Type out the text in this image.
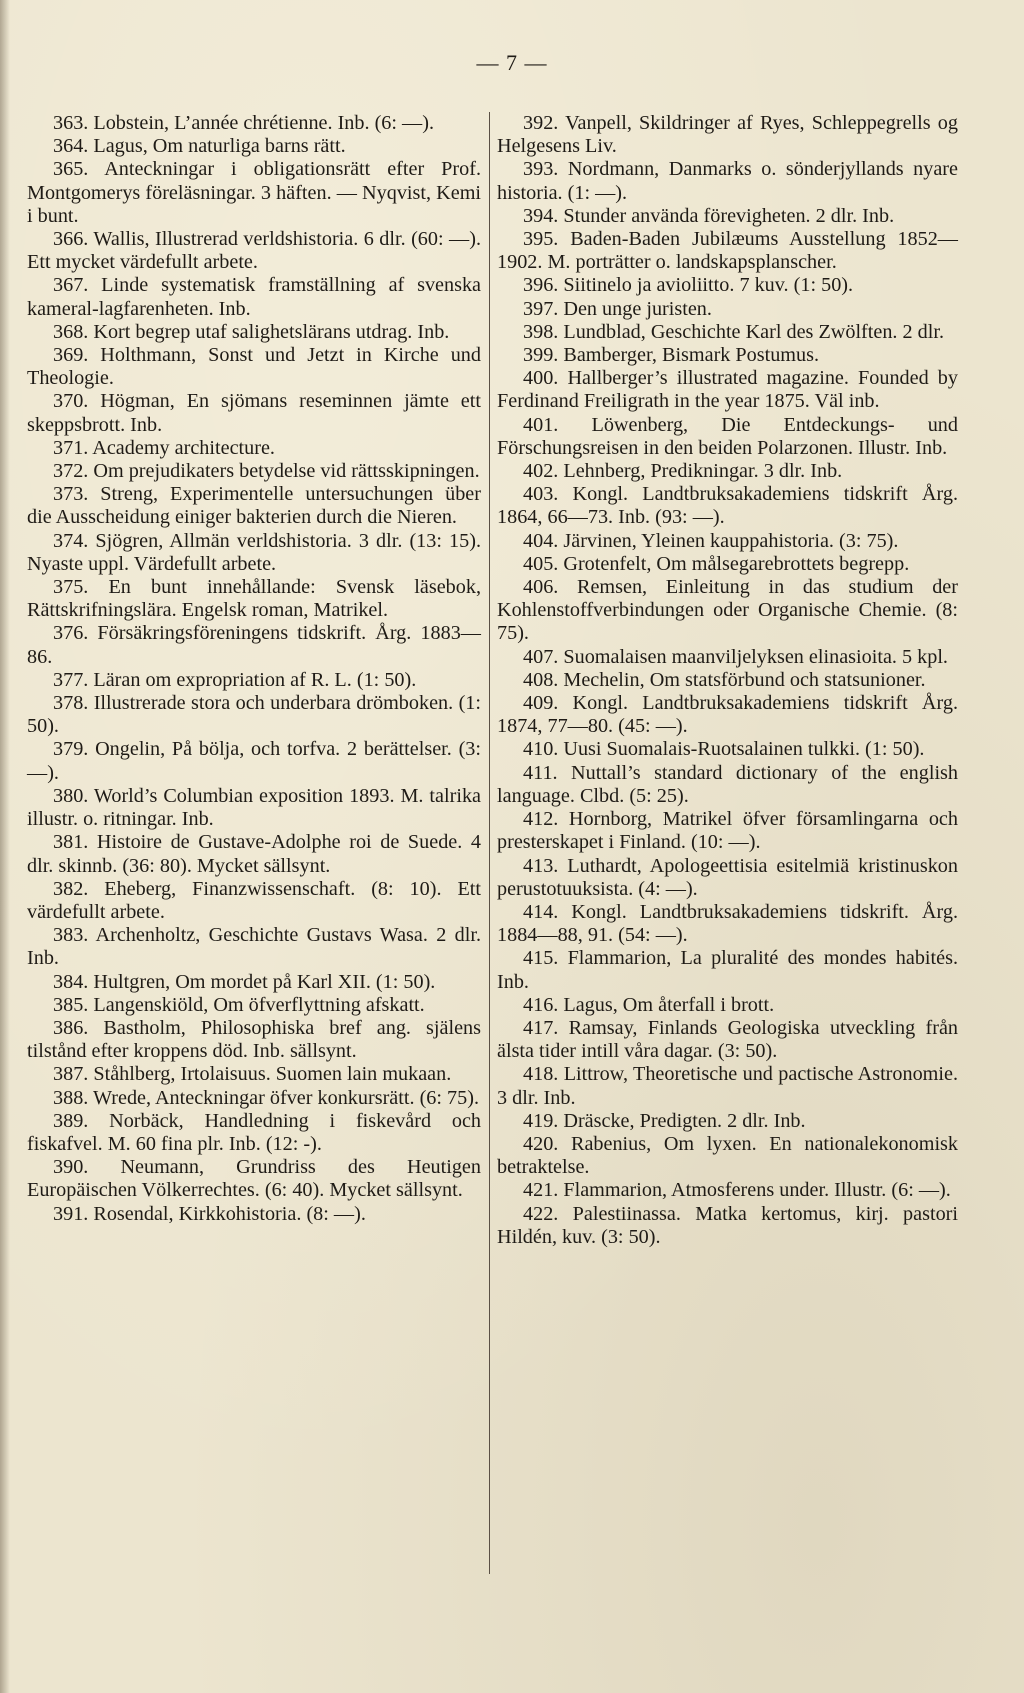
— 7 —

363. Lobstein, L’année chrétienne. Inb. (6: —).

364. Lagus, Om naturliga barns rätt.

365. Anteckningar i obligationsrätt efter Prof. Montgomerys föreläsningar. 3 häften. — Nyqvist, Kemi i bunt.

366. Wallis, Illustrerad verldshistoria. 6 dlr. (60: —). Ett mycket värdefullt arbete.

367. Linde systematisk framställning af svenska kameral-lagfarenheten. Inb.

368. Kort begrep utaf salighetslärans utdrag. Inb.

369. Holthmann, Sonst und Jetzt in Kirche und Theologie.

370. Högman, En sjömans reseminnen jämte ett skeppsbrott. Inb.

371. Academy architecture.

372. Om prejudikaters betydelse vid rättsskipningen.

373. Streng, Experimentelle untersuchungen über die Ausscheidung einiger bakterien durch die Nieren.

374. Sjögren, Allmän verldshistoria. 3 dlr. (13: 15). Nyaste uppl. Värdefullt arbete.

375. En bunt innehållande: Svensk läsebok, Rättskrifningslära. Engelsk roman, Matrikel.

376. Försäkringsföreningens tidskrift. Årg. 1883—86.

377. Läran om expropriation af R. L. (1: 50).

378. Illustrerade stora och underbara drömboken. (1: 50).

379. Ongelin, På bölja, och torfva. 2 berättelser. (3: —).

380. World’s Columbian exposition 1893. M. talrika illustr. o. ritningar. Inb.

381. Histoire de Gustave-Adolphe roi de Suede. 4 dlr. skinnb. (36: 80). Mycket sällsynt.

382. Eheberg, Finanzwissenschaft. (8: 10). Ett värdefullt arbete.

383. Archenholtz, Geschichte Gustavs Wasa. 2 dlr. Inb.

384. Hultgren, Om mordet på Karl XII. (1: 50).

385. Langenskiöld, Om öfverflyttning afskatt.

386. Bastholm, Philosophiska bref ang. själens tilstånd efter kroppens död. Inb. sällsynt.

387. Ståhlberg, Irtolaisuus. Suomen lain mukaan.

388. Wrede, Anteckningar öfver konkursrätt. (6: 75).

389. Norbäck, Handledning i fiskevård och fiskafvel. M. 60 fina plr. Inb. (12: -).

390. Neumann, Grundriss des Heutigen Europäischen Völkerrechtes. (6: 40). Mycket sällsynt.

391. Rosendal, Kirkkohistoria. (8: —).

392. Vanpell, Skildringer af Ryes, Schleppegrells og Helgesens Liv.

393. Nordmann, Danmarks o. sönderjyllands nyare historia. (1: —).

394. Stunder använda förevigheten. 2 dlr. Inb.

395. Baden-Baden Jubilæums Ausstellung 1852—1902. M. porträtter o. landskapsplanscher.

396. Siitinelo ja avioliitto. 7 kuv. (1: 50).

397. Den unge juristen.

398. Lundblad, Geschichte Karl des Zwölften. 2 dlr.

399. Bamberger, Bismark Postumus.

400. Hallberger’s illustrated magazine. Founded by Ferdinand Freiligrath in the year 1875. Väl inb.

401. Löwenberg, Die Entdeckungs- und Förschungsreisen in den beiden Polarzonen. Illustr. Inb.

402. Lehnberg, Predikningar. 3 dlr. Inb.

403. Kongl. Landtbruksakademiens tidskrift Årg. 1864, 66—73. Inb. (93: —).

404. Järvinen, Yleinen kauppahistoria. (3: 75).

405. Grotenfelt, Om målsegarebrottets begrepp.

406. Remsen, Einleitung in das studium der Kohlenstoffverbindungen oder Organische Chemie. (8: 75).

407. Suomalaisen maanviljelyksen elinasioita. 5 kpl.

408. Mechelin, Om statsförbund och statsunioner.

409. Kongl. Landtbruksakademiens tidskrift Årg. 1874, 77—80. (45: —).

410. Uusi Suomalais-Ruotsalainen tulkki. (1: 50).

411. Nuttall’s standard dictionary of the english language. Clbd. (5: 25).

412. Hornborg, Matrikel öfver församlingarna och presterskapet i Finland. (10: —).

413. Luthardt, Apologeettisia esitelmiä kristinuskon perustotuuksista. (4: —).

414. Kongl. Landtbruksakademiens tidskrift. Årg. 1884—88, 91. (54: —).

415. Flammarion, La pluralité des mondes habités. Inb.

416. Lagus, Om återfall i brott.

417. Ramsay, Finlands Geologiska utveckling från älsta tider intill våra dagar. (3: 50).

418. Littrow, Theoretische und pactische Astronomie. 3 dlr. Inb.

419. Dräscke, Predigten. 2 dlr. Inb.

420. Rabenius, Om lyxen. En nationalekonomisk betraktelse.

421. Flammarion, Atmosferens under. Illustr. (6: —).

422. Palestiinassa. Matka kertomus, kirj. pastori Hildén, kuv. (3: 50).
